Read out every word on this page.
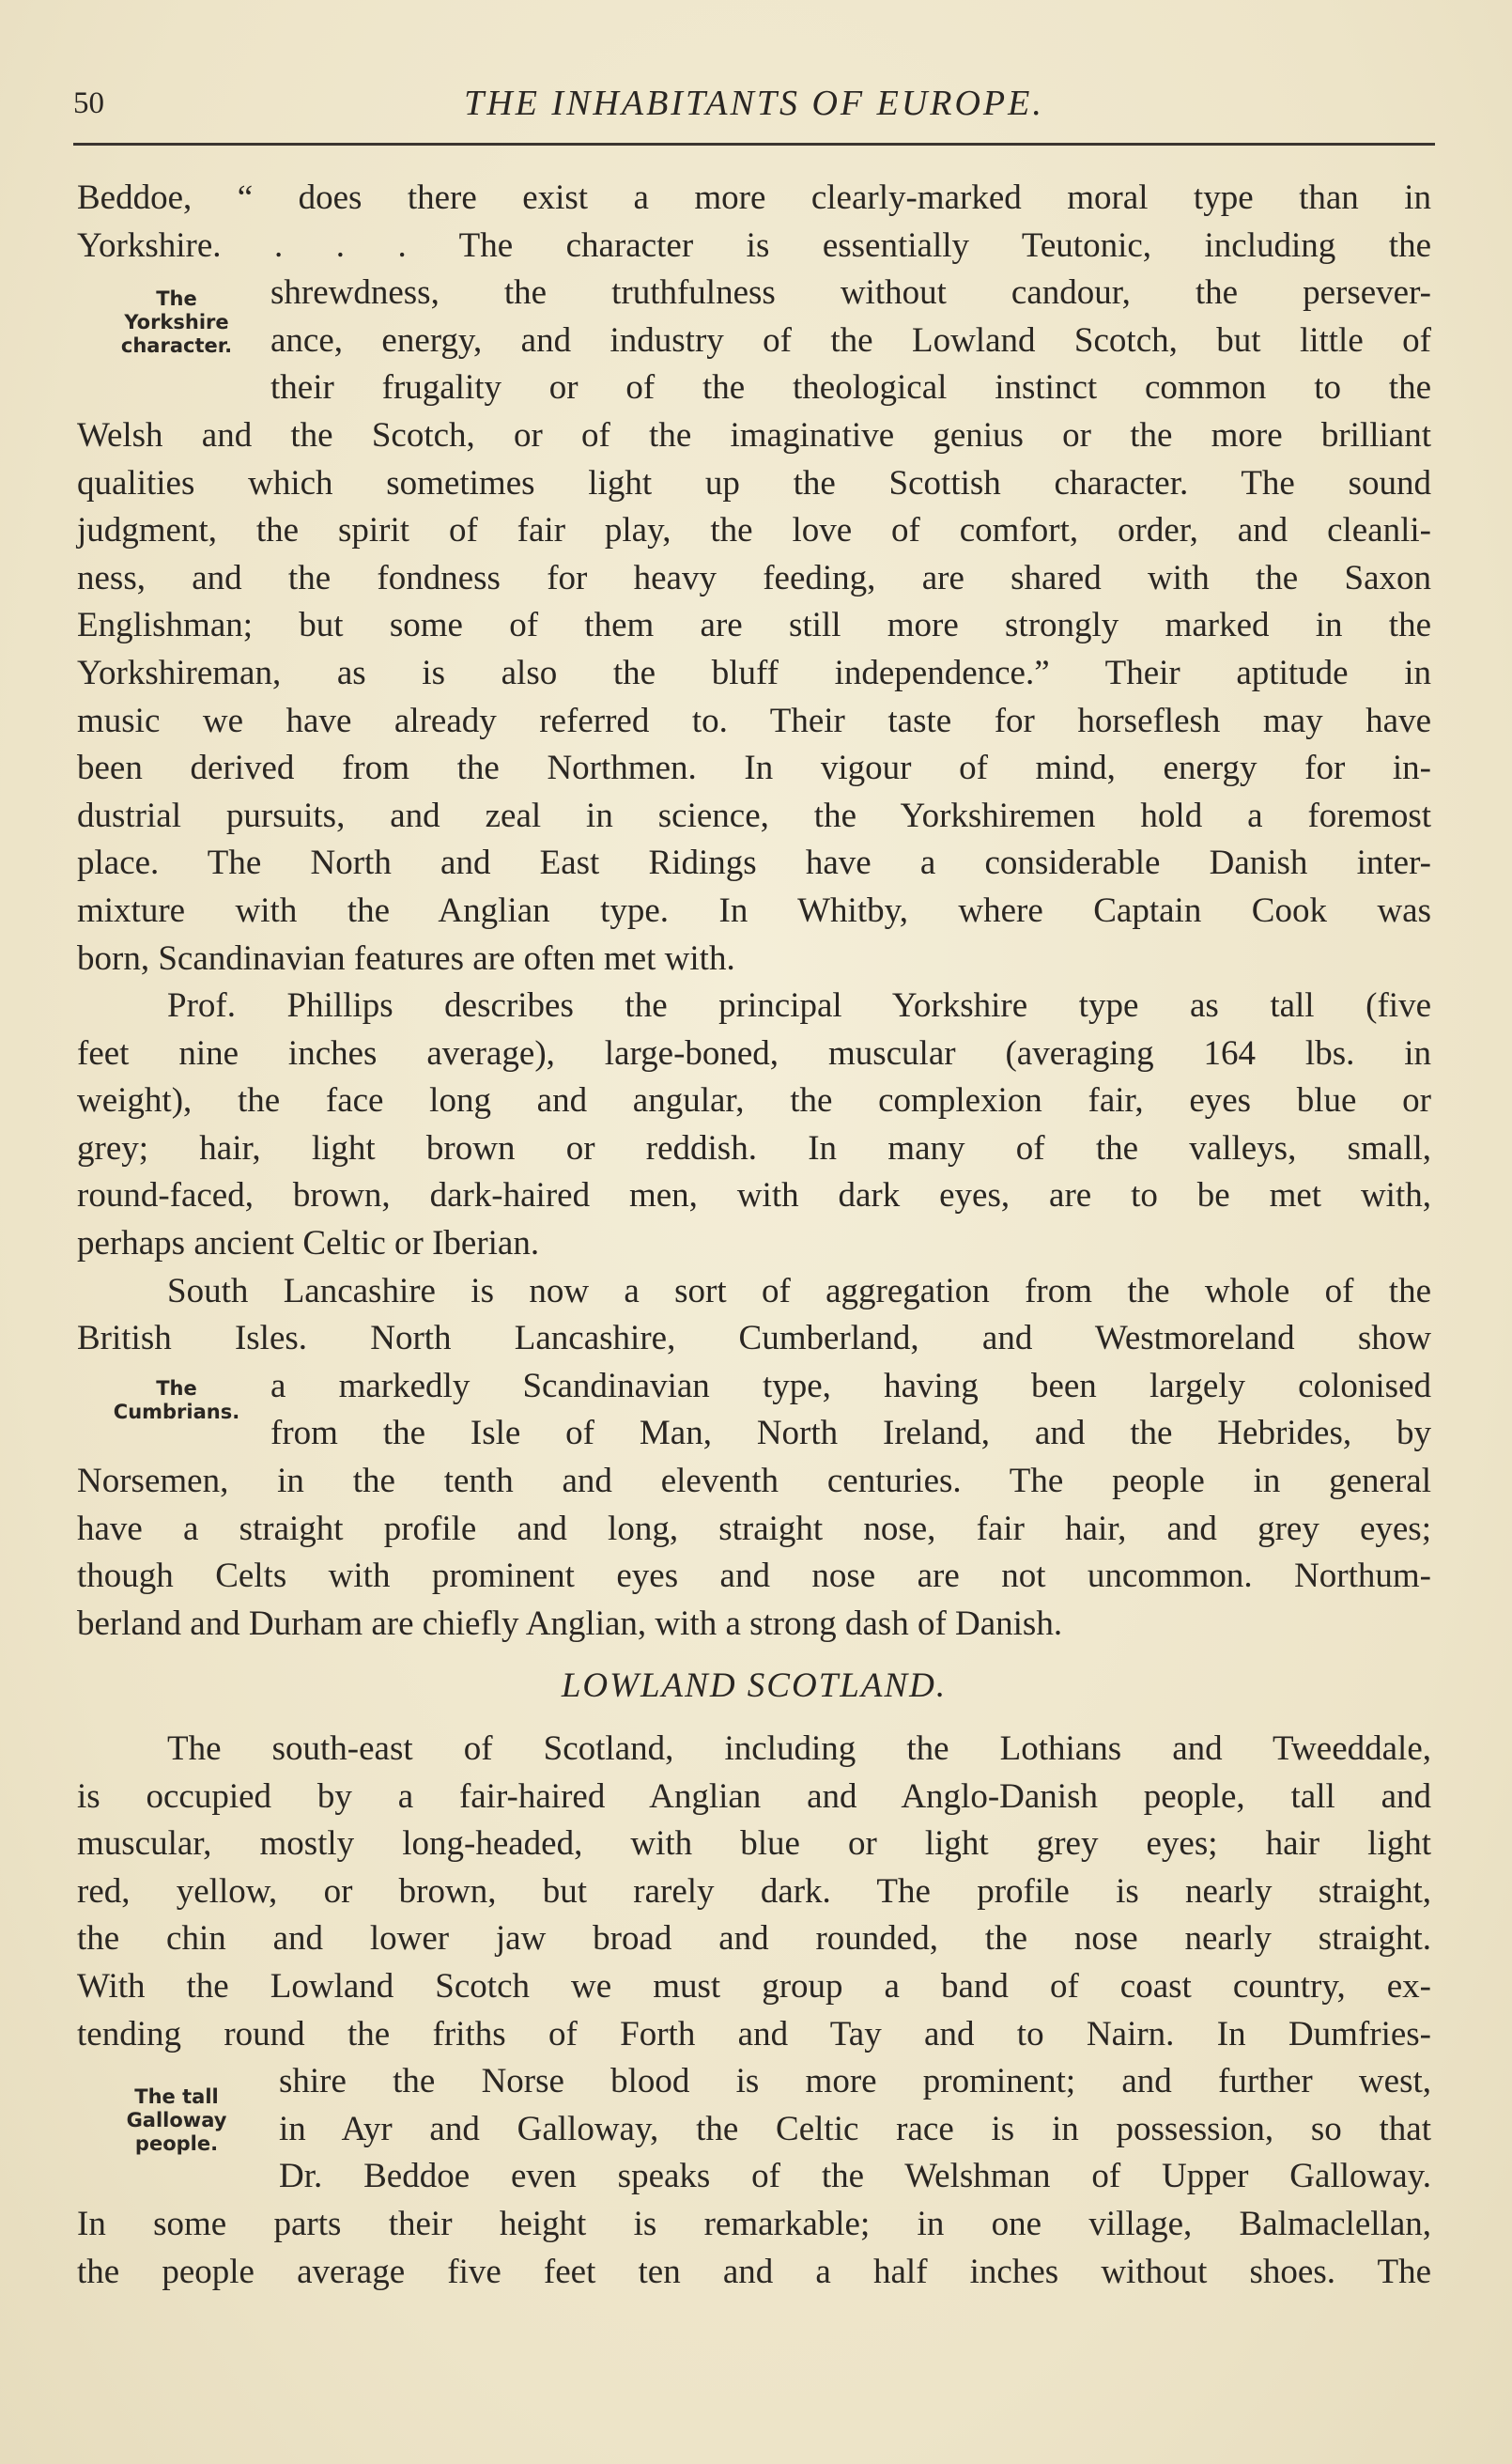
50	THE INHABITANTS OF EUROPE.
The
Yorkshire
character.
The
Cumbrians.
The tall
Galloway
people.
Beddoe, “ does there exist a more clearly-marked moral type than in
Yorkshire. . . . The character is essentially Teutonic, including the
shrewdness, the truthfulness without candour, the persever-
ance, energy, and industry of the Lowland Scotch, but little of
their frugality or of the theological instinct common to the
Welsh and the Scotch, or of the imaginative genius or the more brilliant
qualities which sometimes light up the Scottish character. The sound
judgment, the spirit of fair play, the love of comfort, order, and cleanli-
ness, and the fondness for heavy feeding, are shared with the Saxon
Englishman; but some of them are still more strongly marked in the
Yorkshireman, as is also the bluff independence.” Their aptitude in
music we have already referred to. Their taste for horseflesh may have
been derived from the Northmen. In vigour of mind, energy for in-
dustrial pursuits, and zeal in science, the Yorkshiremen hold a foremost
place. The North and East Ridings have a considerable Danish inter-
mixture with the Anglian type. In Whitby, where Captain Cook was
born, Scandinavian features are often met with.
Prof. Phillips describes the principal Yorkshire type as tall (five
feet nine inches average), large-boned, muscular (averaging 164 lbs. in
weight), the face long and angular, the complexion fair, eyes blue or
grey; hair, light brown or reddish. In many of the valleys, small,
round-faced, brown, dark-haired men, with dark eyes, are to be met with,
perhaps ancient Celtic or Iberian.
South Lancashire is now a sort of aggregation from the whole of the
British Isles. North Lancashire, Cumberland, and Westmoreland show
a markedly Scandinavian type, having been largely colonised
from the Isle of Man, North Ireland, and the Hebrides, by
Norsemen, in the tenth and eleventh centuries. The people in general
have a straight profile and long, straight nose, fair hair, and grey eyes;
though Celts with prominent eyes and nose are not uncommon. Northum-
berland and Durham are chiefly Anglian, with a strong dash of Danish.
LOWLAND SCOTLAND.
The south-east of Scotland, including the Lothians and Tweeddale,
is occupied by a fair-haired Anglian and Anglo-Danish people, tall and
muscular, mostly long-headed, with blue or light grey eyes; hair light
red, yellow, or brown, but rarely dark. The profile is nearly straight,
the chin and lower jaw broad and rounded, the nose nearly straight.
With the Lowland Scotch we must group a band of coast country, ex-
tending round the friths of Forth and Tay and to Nairn. In Dumfries-
shire the Norse blood is more prominent; and further west,
in Ayr and Galloway, the Celtic race is in possession, so that
Dr. Beddoe even speaks of the Welshman of Upper Galloway.
In some parts their height is remarkable; in one village, Balmaclellan,
the people average five feet ten and a half inches without shoes. The
